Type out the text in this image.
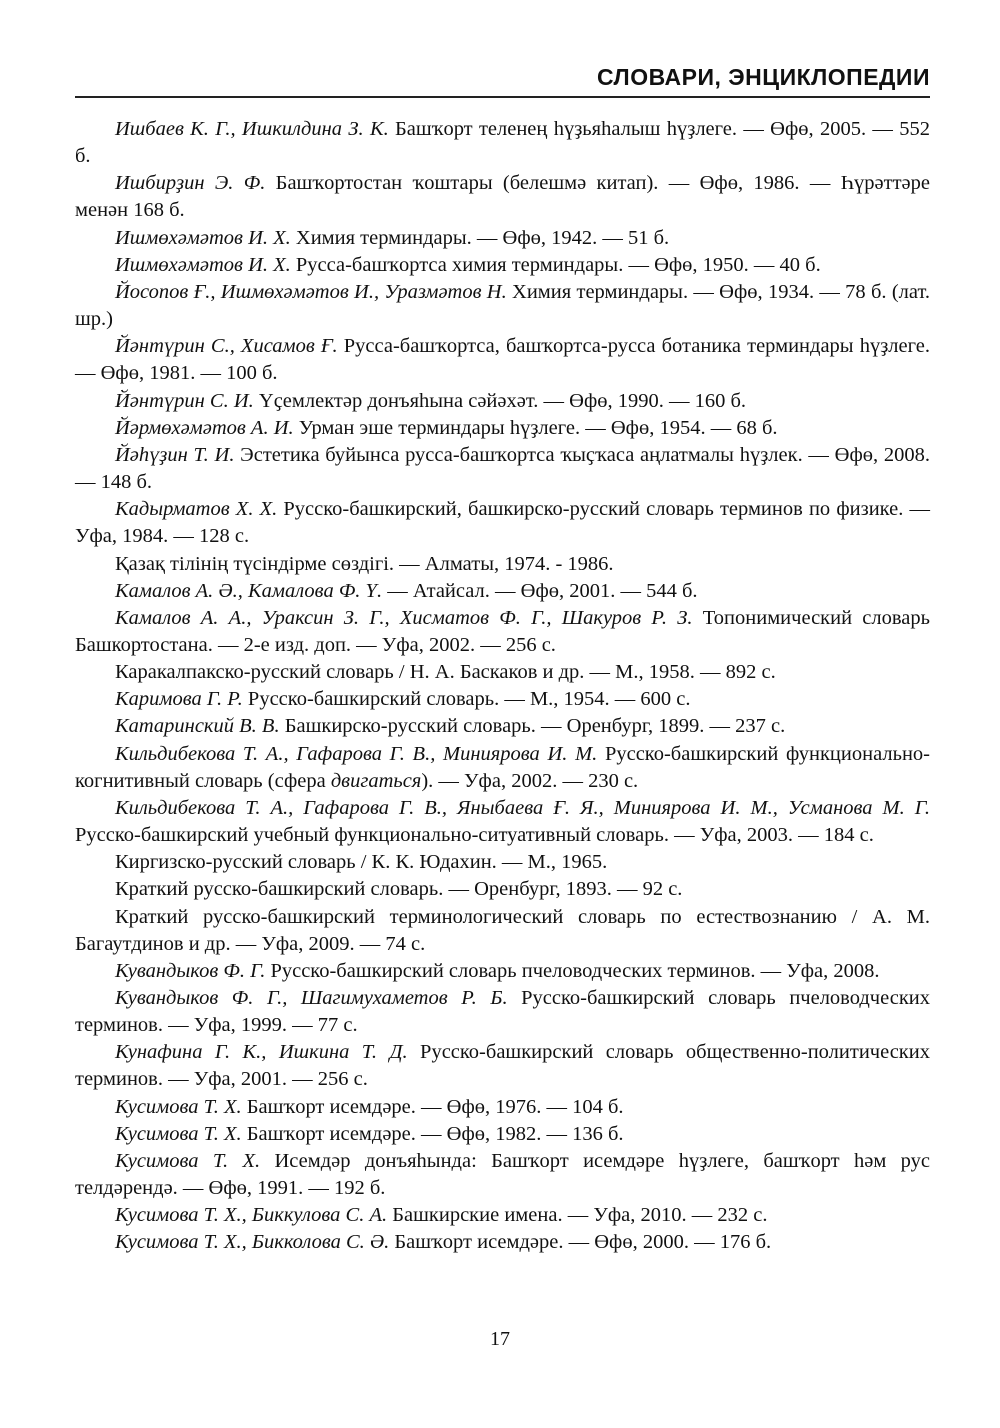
СЛОВАРИ, ЭНЦИКЛОПЕДИИ

Ишбаев К. Г., Ишкилдина З. К. Башҡорт теленең һүҙьяһалыш һүҙлеге. — Өфө, 2005. — 552 б.

Ишбирҙин Э. Ф. Башҡортостан ҡоштары (белешмә китап). — Өфө, 1986. — Һүрәттәре менән 168 б.

Ишмөхәмәтов И. Х. Химия терминдары. — Өфө, 1942. — 51 б.

Ишмөхәмәтов И. Х. Русса-башҡортса химия терминдары. — Өфө, 1950. — 40 б.

Йосопов Ғ., Ишмөхәмәтов И., Уразмәтов Н. Химия терминдары. — Өфө, 1934. — 78 б. (лат. шр.)

Йәнтүрин С., Хисамов Ғ. Русса-башҡортса, башҡортса-русса ботаника терминдары һүҙлеге. — Өфө, 1981. — 100 б.

Йәнтүрин С. И. Үҫемлектәр донъяһына сәйәхәт. — Өфө, 1990. — 160 б.

Йәрмөхәмәтов А. И. Урман эше терминдары һүҙлеге. — Өфө, 1954. — 68 б.

Йәһүҙин Т. И. Эстетика буйынса русса-башҡортса ҡыҫҡаса аңлатмалы һүҙлек. — Өфө, 2008. — 148 б.

Кадырматов Х. Х. Русско-башкирский, башкирско-русский словарь терминов по физике. — Уфа, 1984. — 128 с.

Қазақ тілінің түсіндірме сөздігі. — Алматы, 1974. - 1986.

Камалов А. Ә., Камалова Ф. Ү. — Атайсал. — Өфө, 2001. — 544 б.

Камалов А. А., Ураксин З. Г., Хисматов Ф. Г., Шакуров Р. З. Топонимический словарь Башкортостана. — 2-е изд. доп. — Уфа, 2002. — 256 с.

Каракалпакско-русский словарь / Н. А. Баскаков и др. — М., 1958. — 892 с.

Каримова Г. Р. Русско-башкирский словарь. — М., 1954. — 600 с.

Катаринский В. В. Башкирско-русский словарь. — Оренбург, 1899. — 237 с.

Кильдибекова Т. А., Гафарова Г. В., Миниярова И. М. Русско-башкирский функционально-когнитивный словарь (сфера двигаться). — Уфа, 2002. — 230 с.

Кильдибекова Т. А., Гафарова Г. В., Яныбаева Ғ. Я., Миниярова И. М., Усманова М. Г. Русско-башкирский учебный функционально-ситуативный словарь. — Уфа, 2003. — 184 с.

Киргизско-русский словарь / К. К. Юдахин. — М., 1965.

Краткий русско-башкирский словарь. — Оренбург, 1893. — 92 с.

Краткий русско-башкирский терминологический словарь по естествознанию / А. М. Багаутдинов и др. — Уфа, 2009. — 74 с.

Кувандыков Ф. Г. Русско-башкирский словарь пчеловодческих терминов. — Уфа, 2008.

Кувандыков Ф. Г., Шагимухаметов Р. Б. Русско-башкирский словарь пчеловодческих терминов. — Уфа, 1999. — 77 с.

Кунафина Г. К., Ишкина Т. Д. Русско-башкирский словарь общественно-политических терминов. — Уфа, 2001. — 256 с.

Кусимова Т. Х. Башҡорт исемдәре. — Өфө, 1976. — 104 б.

Кусимова Т. Х. Башҡорт исемдәре. — Өфө, 1982. — 136 б.

Кусимова Т. Х. Исемдәр донъяһында: Башҡорт исемдәре һүҙлеге, башҡорт һәм рус телдәрендә. — Өфө, 1991. — 192 б.

Кусимова Т. Х., Биккулова С. А. Башкирские имена. — Уфа, 2010. — 232 с.

Кусимова Т. Х., Бикколова С. Ә. Башҡорт исемдәре. — Өфө, 2000. — 176 б.

17
